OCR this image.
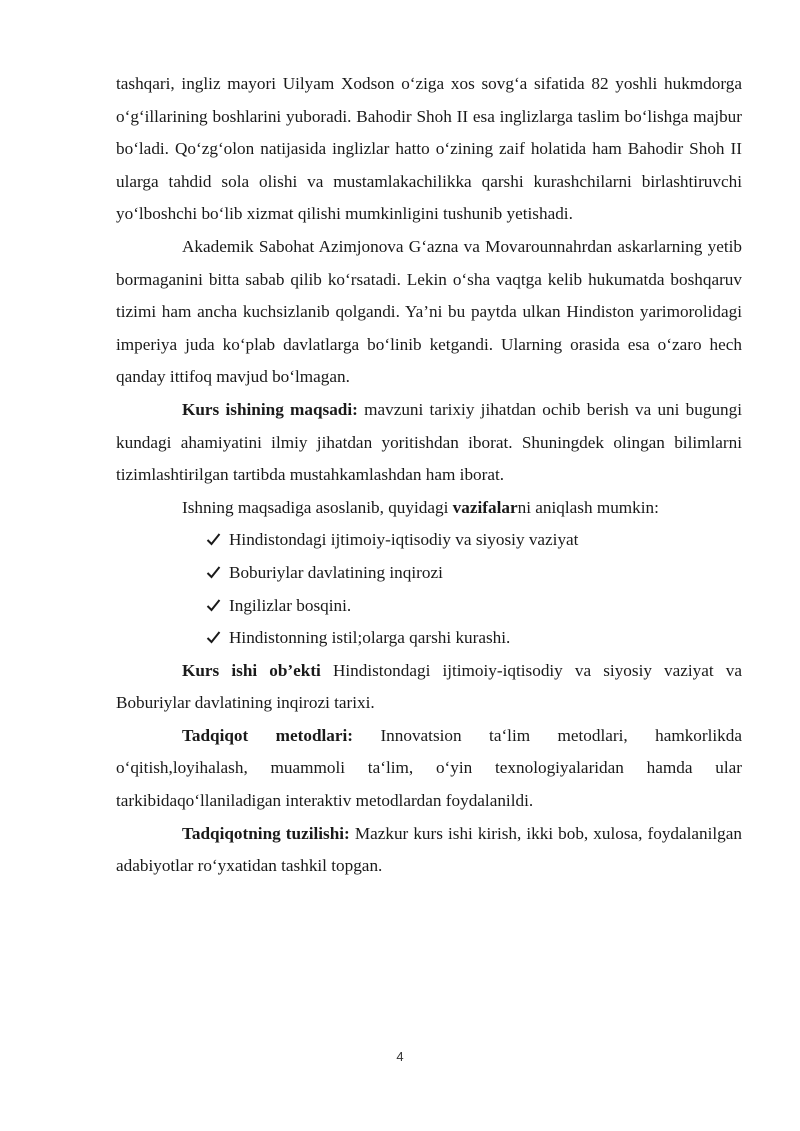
tashqari, ingliz mayori Uilyam Xodson o‘ziga xos sovg‘a sifatida 82 yoshli hukmdorga o‘g‘illarining boshlarini yuboradi. Bahodir Shoh II esa inglizlarga taslim bo‘lishga majbur bo‘ladi. Qo‘zg‘olon natijasida inglizlar hatto o‘zining zaif holatida ham Bahodir Shoh II ularga tahdid sola olishi va mustamlakachilikka qarshi kurashchilarni birlashtiruvchi yo‘lboshchi bo‘lib xizmat qilishi mumkinligini tushunib yetishadi.

Akademik Sabohat Azimjonova G‘azna va Movarounnahrdan askarlarning yetib bormaganini bitta sabab qilib ko‘rsatadi. Lekin o‘sha vaqtga kelib hukumatda boshqaruv tizimi ham ancha kuchsizlanib qolgandi. Ya’ni bu paytda ulkan Hindiston yarimorolidagi imperiya juda ko‘plab davlatlarga bo‘linib ketgandi. Ularning orasida esa o‘zaro hech qanday ittifoq mavjud bo‘lmagan.

Kurs ishining maqsadi: mavzuni tarixiy jihatdan ochib berish va uni bugungi kundagi ahamiyatini ilmiy jihatdan yoritishdan iborat. Shuningdek olingan bilimlarni tizimlashtirilgan tartibda mustahkamlashdan ham iborat.

Ishning maqsadiga asoslanib, quyidagi vazifalarni aniqlash mumkin:

Hindistondagi ijtimoiy-iqtisodiy va siyosiy vaziyat
Boburiylar davlatining inqirozi
Ingilizlar bosqini.
Hindistonning istil;olarga qarshi kurashi.

Kurs ishi ob’ekti Hindistondagi ijtimoiy-iqtisodiy va siyosiy vaziyat va Boburiylar davlatining inqirozi tarixi.

Tadqiqot metodlari: Innovatsion ta‘lim metodlari, hamkorlikda o‘qitish,loyihalash, muammoli ta‘lim, o‘yin texnologiyalaridan hamda ular tarkibidaqo‘llaniladigan interaktiv metodlardan foydalanildi.

Tadqiqotning tuzilishi: Mazkur kurs ishi kirish, ikki bob, xulosa, foydalanilgan adabiyotlar ro‘yxatidan tashkil topgan.

4
